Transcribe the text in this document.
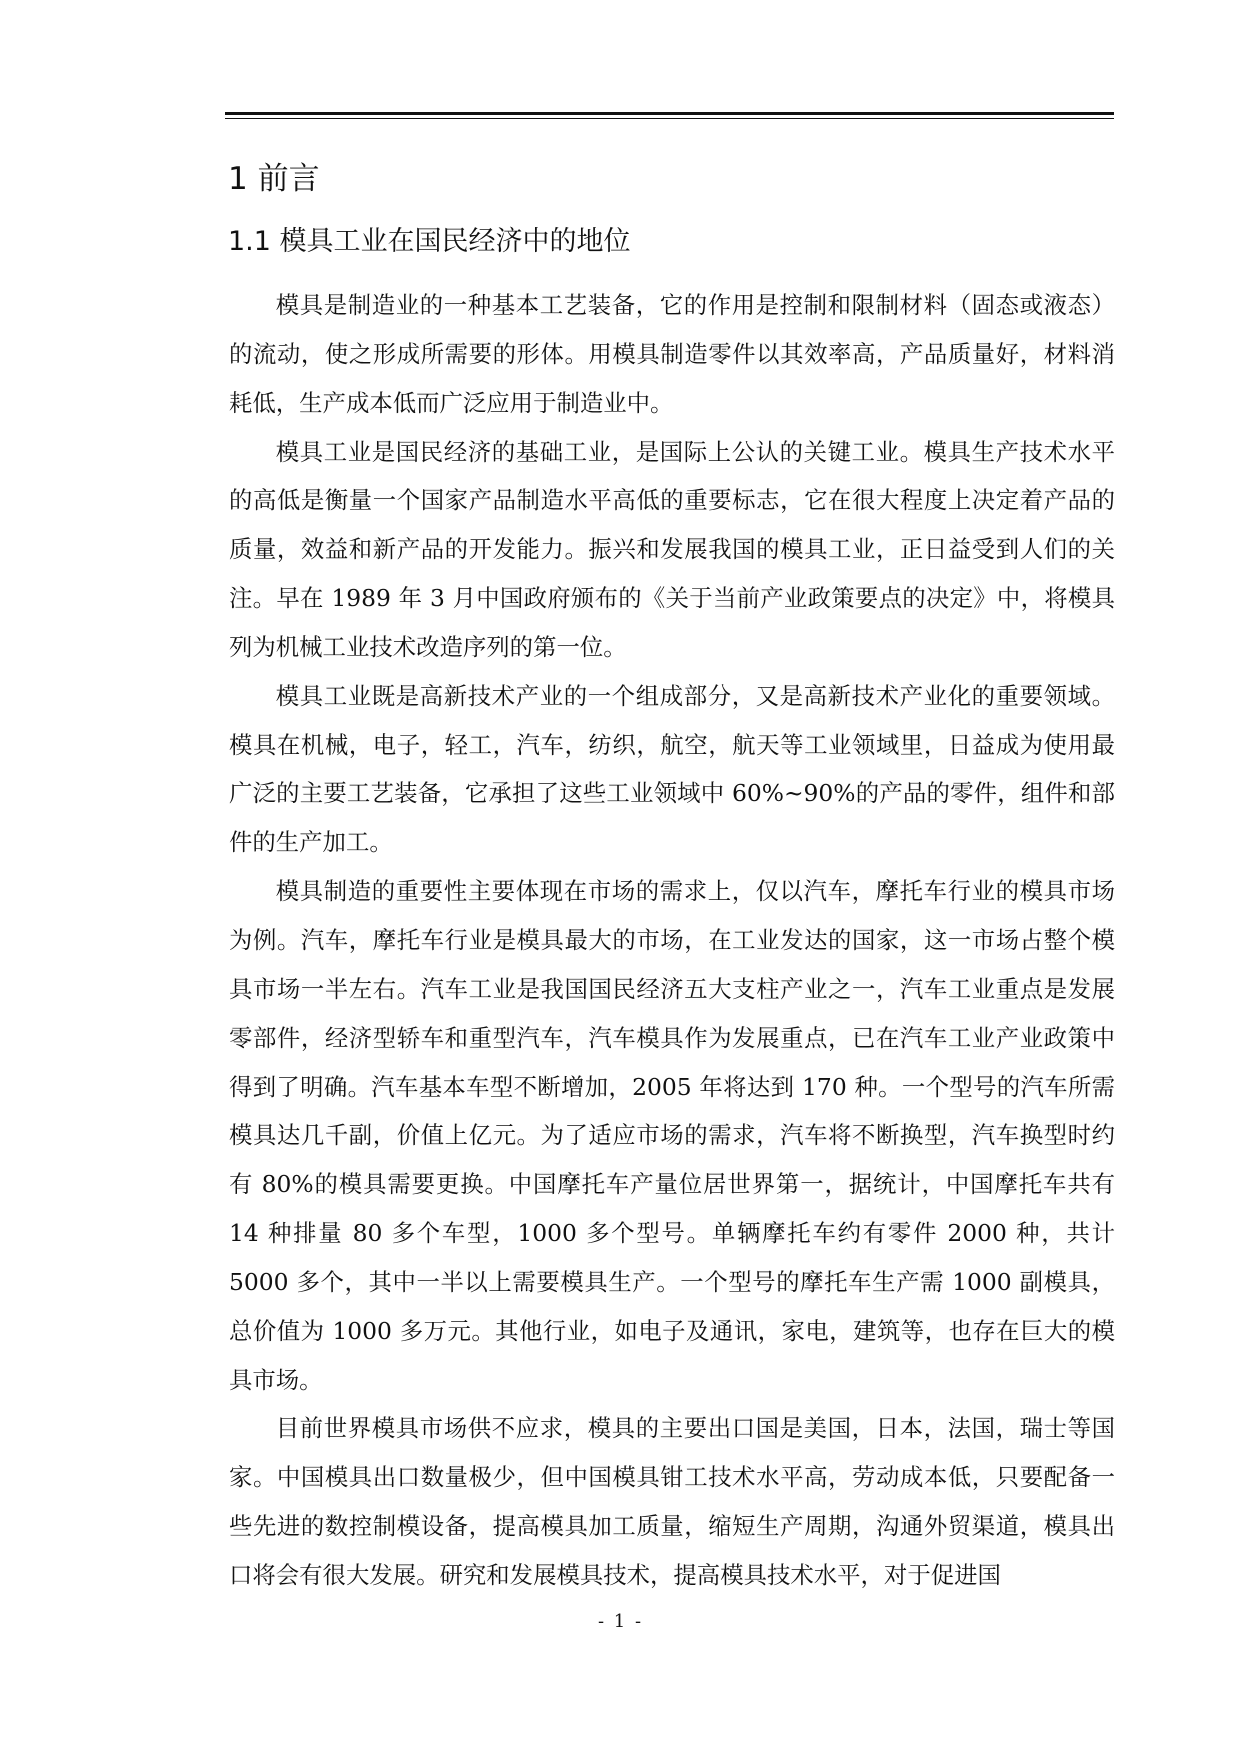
1 前言
1.1 模具工业在国民经济中的地位

模具是制造业的一种基本工艺装备，它的作用是控制和限制材料（固态或液态）的流动，使之形成所需要的形体。用模具制造零件以其效率高，产品质量好，材料消耗低，生产成本低而广泛应用于制造业中。

模具工业是国民经济的基础工业，是国际上公认的关键工业。模具生产技术水平的高低是衡量一个国家产品制造水平高低的重要标志，它在很大程度上决定着产品的质量，效益和新产品的开发能力。振兴和发展我国的模具工业，正日益受到人们的关注。早在 1989 年 3 月中国政府颁布的《关于当前产业政策要点的决定》中，将模具列为机械工业技术改造序列的第一位。

模具工业既是高新技术产业的一个组成部分，又是高新技术产业化的重要领域。模具在机械，电子，轻工，汽车，纺织，航空，航天等工业领域里，日益成为使用最广泛的主要工艺装备，它承担了这些工业领域中 60%~90%的产品的零件，组件和部件的生产加工。

模具制造的重要性主要体现在市场的需求上，仅以汽车，摩托车行业的模具市场为例。汽车，摩托车行业是模具最大的市场，在工业发达的国家，这一市场占整个模具市场一半左右。汽车工业是我国国民经济五大支柱产业之一，汽车工业重点是发展零部件，经济型轿车和重型汽车，汽车模具作为发展重点，已在汽车工业产业政策中得到了明确。汽车基本车型不断增加，2005 年将达到 170 种。一个型号的汽车所需模具达几千副，价值上亿元。为了适应市场的需求，汽车将不断换型，汽车换型时约有 80%的模具需要更换。中国摩托车产量位居世界第一，据统计，中国摩托车共有 14 种排量 80 多个车型，1000 多个型号。单辆摩托车约有零件 2000 种，共计 5000 多个，其中一半以上需要模具生产。一个型号的摩托车生产需 1000 副模具，总价值为 1000 多万元。其他行业，如电子及通讯，家电，建筑等，也存在巨大的模具市场。

目前世界模具市场供不应求，模具的主要出口国是美国，日本，法国，瑞士等国家。中国模具出口数量极少，但中国模具钳工技术水平高，劳动成本低，只要配备一些先进的数控制模设备，提高模具加工质量，缩短生产周期，沟通外贸渠道，模具出口将会有很大发展。研究和发展模具技术，提高模具技术水平，对于促进国

- 1 -
